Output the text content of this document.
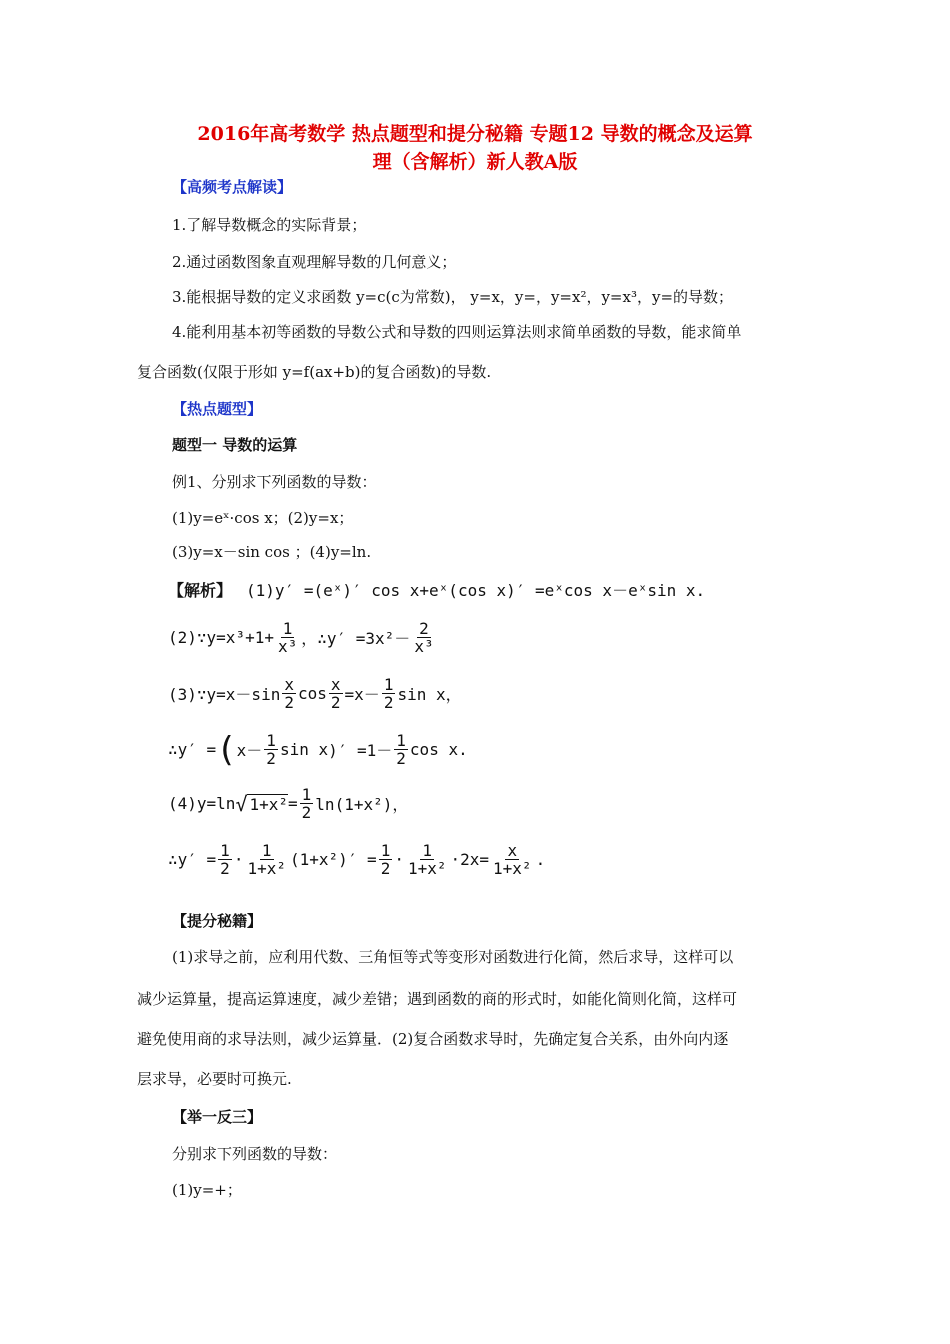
2016年高考数学 热点题型和提分秘籍 专题12 导数的概念及运算
理（含解析）新人教A版
【高频考点解读】
1.了解导数概念的实际背景；
2.通过函数图象直观理解导数的几何意义；
3.能根据导数的定义求函数 y=c(c为常数)， y=x，y=，y=x²，y=x³，y=的导数；
4.能利用基本初等函数的导数公式和导数的四则运算法则求简单函数的导数，能求简单
复合函数(仅限于形如 y=f(ax+b)的复合函数)的导数.
【热点题型】
题型一 导数的运算
例1、分别求下列函数的导数：
(1)y=eˣ·cos x；(2)y=x；
(3)y=x－sin cos ；(4)y=ln.
【解析】 (1)y′ =(eˣ)′ cos x+eˣ(cos x)′ =eˣcos x－eˣsin x.
(2)∵y=x³+1+ $\frac{1}{\text{x³}}$ ，∴y′ $=3x^2- \frac{2}{\text{x³}}$
(3)∵y=x－sin $\frac{x}{2}$ $\cos \frac{x}{2} =x- \frac{1}{2}$ sin x，
∴y′ = ( $x- \frac{1}{2}$ sin x )′ $=1- \frac{1}{2}$ cos x.
(4)y=ln √ $1+x^2 = \frac{1}{2} \ln(1+x^2)$，
∴y′ = $\frac{1}{2} \cdot \frac{1}{\text{1+x²}} (1+x^2)' = \frac{1}{2} \cdot \frac{1}{\text{1+x²}} \cdot 2x= \frac{x}{\text{1+x²}}$ .
【提分秘籍】
(1)求导之前，应利用代数、三角恒等式等变形对函数进行化简，然后求导，这样可以
减少运算量，提高运算速度，减少差错；遇到函数的商的形式时，如能化简则化简，这样可
避免使用商的求导法则，减少运算量．(2)复合函数求导时，先确定复合关系，由外向内逐
层求导，必要时可换元.
【举一反三】
分别求下列函数的导数：
(1)y=+；
